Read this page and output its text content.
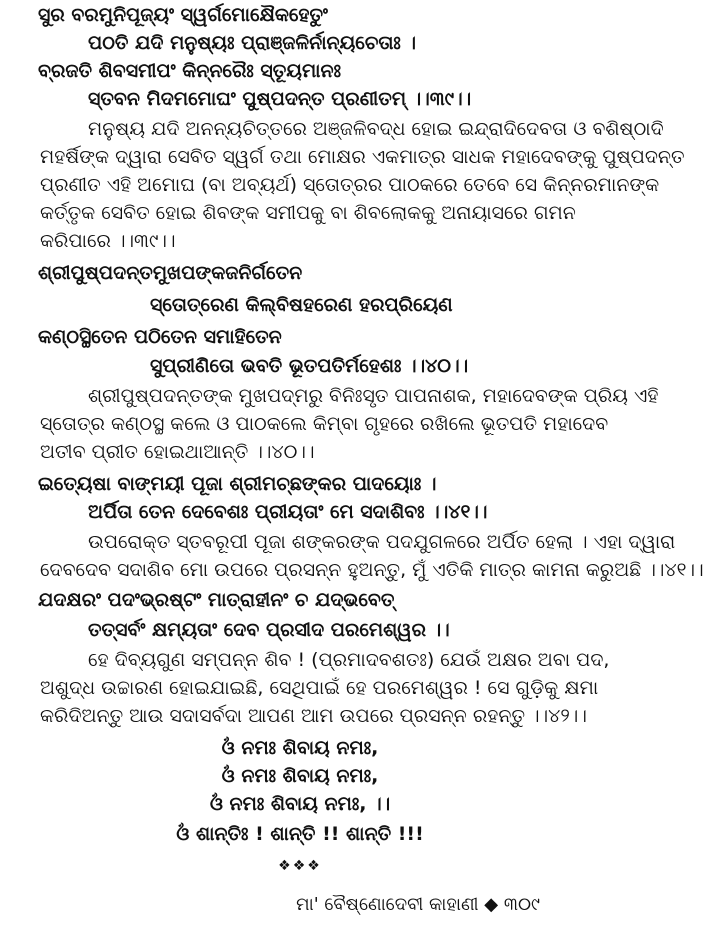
ସୁର ବରମୁନିପୂଜ୍ୟଂ ସ୍ୱର୍ଗମୋକ୍ଷୈକହେତୁଂ
ପଠତି ଯଦି ମନୁଷ୍ୟଃ ପ୍ରାଞ୍ଜଳିର୍ନାନ୍ୟଚେତାଃ ।
ବ୍ରଜତି ଶିବସମୀପଂ କିନ୍ନରୈଃ ସ୍ତୂୟମାନଃ
ସ୍ତବନ ମିଦମମୋଘଂ ପୁଷ୍ପଦନ୍ତ ପ୍ରଣୀତମ୍ ।।୩୯।।
ମନୁଷ୍ୟ ଯଦି ଅନନ୍ୟଚିତ୍ତରେ ଅଞ୍ଜଳିବଦ୍ଧ ହୋଇ ଇନ୍ଦ୍ରାଦିଦେବତା ଓ ବଶିଷ୍ଠାଦି
ମହର୍ଷିଙ୍କ ଦ୍ୱାରା ସେବିତ ସ୍ୱର୍ଗ ତଥା ମୋକ୍ଷର ଏକମାତ୍ର ସାଧକ ମହାଦେବଙ୍କୁ ପୁଷ୍ପଦନ୍ତ
ପ୍ରଣୀତ ଏହି ଅମୋଘ (ବା ଅବ୍ୟର୍ଥ) ସ୍ତୋତ୍ରର ପାଠକରେ ତେବେ ସେ କିନ୍ନରମାନଙ୍କ
କର୍ତ୍ତୃକ ସେବିତ ହୋଇ ଶିବଙ୍କ ସମୀପକୁ ବା ଶିବଲୋକକୁ ଅନାୟାସରେ ଗମନ
କରିପାରେ ।।୩୯।।
ଶ୍ରୀପୁଷ୍ପଦନ୍ତମୁଖପଙ୍କଜନିର୍ଗତେନ
ସ୍ତୋତ୍ରେଣ କିଲ୍ବିଷହରେଣ ହରପ୍ରିୟେଣ
କଣ୍ଠସ୍ଥିତେନ ପଠିତେନ ସମାହିତେନ
ସୁପ୍ରୀଣିତୋ ଭବତି ଭୂତପତିର୍ମହେଶଃ ।।୪୦।।
ଶ୍ରୀପୁଷ୍ପଦନ୍ତଙ୍କ ମୁଖପଦ୍ମରୁ ବିନିଃସୃତ ପାପନାଶକ, ମହାଦେବଙ୍କ ପ୍ରିୟ ଏହି
ସ୍ତୋତ୍ର କଣ୍ଠସ୍ଥ କଲେ ଓ ପାଠକଲେ କିମ୍ବା ଗୃହରେ ରଖିଲେ ଭୂତପତି ମହାଦେବ
ଅତୀବ ପ୍ରୀତ ହୋଇଥାଆନ୍ତି ।।୪୦।।
ଇତ୍ୟେଷା ବାଙ୍ମୟୀ ପୂଜା ଶ୍ରୀମଚ୍ଛଙ୍କର ପାଦୟୋଃ ।
ଅର୍ପିତା ତେନ ଦେବେଶଃ ପ୍ରୀୟତାଂ ମେ ସଦାଶିବଃ ।।୪୧।।
ଉପରୋକ୍ତ ସ୍ତବରୂପୀ ପୂଜା ଶଙ୍କରଙ୍କ ପଦଯୁଗଳରେ ଅର୍ପିତ ହେଲା । ଏହା ଦ୍ୱାରା
ଦେବଦେବ ସଦାଶିବ ମୋ ଉପରେ ପ୍ରସନ୍ନ ହୁଅନ୍ତୁ, ମୁଁ ଏତିକି ମାତ୍ର କାମନା କରୁଅଛି ।।୪୧।।
ଯଦକ୍ଷରଂ ପଦଂଭ୍ରଷ୍ଟଂ ମାତ୍ରାହୀନଂ ଚ ଯଦ୍‌ଭବେତ୍
ତତ୍‌ସର୍ବଂ କ୍ଷମ୍ୟତାଂ ଦେବ ପ୍ରସୀଦ ପରମେଶ୍ୱର ।।
ହେ ଦିବ୍ୟଗୁଣ ସମ୍ପନ୍ନ ଶିବ ! (ପ୍ରମାଦବଶତଃ) ଯେଉଁ ଅକ୍ଷର ଅବା ପଦ,
ଅଶୁଦ୍ଧ ଉଚ୍ଚାରଣ ହୋଇଯାଇଛି, ସେଥିପାଇଁ ହେ ପରମେଶ୍ୱର ! ସେ ଗୁଡ଼ିକୁ କ୍ଷମା
କରିଦିଅନ୍ତୁ ଆଉ ସଦାସର୍ବଦା ଆପଣ ଆମ ଉପରେ ପ୍ରସନ୍ନ ରହନ୍ତୁ ।।୪୨।।
ଓଁ ନମଃ ଶିବାୟ ନମଃ,
ଓଁ ନମଃ ଶିବାୟ ନମଃ,
ଓଁ ନମଃ ଶିବାୟ ନମଃ, ।।
ଓଁ ଶାନ୍ତିଃ ! ଶାନ୍ତି !! ଶାନ୍ତି !!!
❖❖❖
ମା' ବୈଷ୍ଣୋଦେବୀ କାହାଣୀ ◆ ୩୦୯
